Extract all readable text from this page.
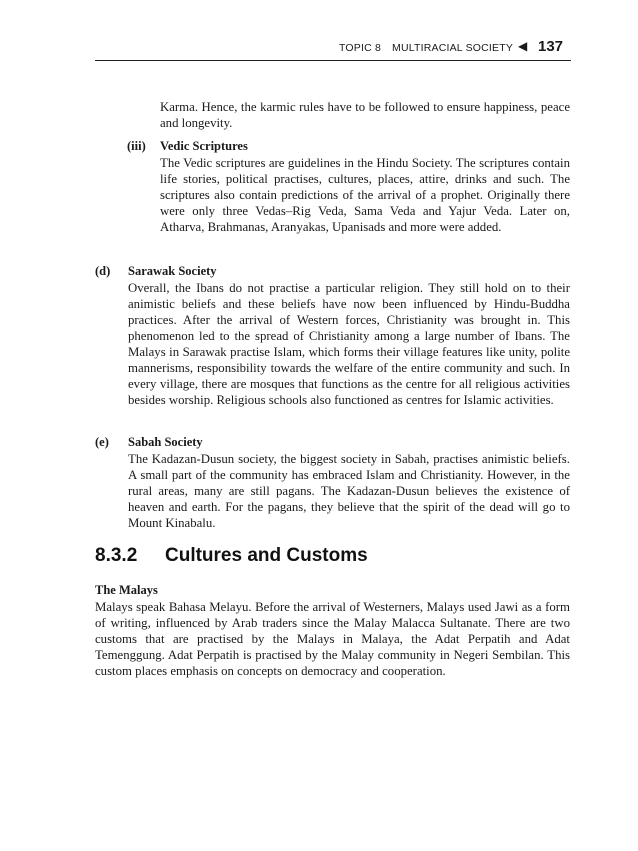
TOPIC 8 MULTIRACIAL SOCIETY
◀ 137
Karma. Hence, the karmic rules have to be followed to ensure happiness, peace and longevity.
(iii) Vedic Scriptures
The Vedic scriptures are guidelines in the Hindu Society. The scriptures contain life stories, political practises, cultures, places, attire, drinks and such. The scriptures also contain predictions of the arrival of a prophet. Originally there were only three Vedas–Rig Veda, Sama Veda and Yajur Veda. Later on, Atharva, Brahmanas, Aranyakas, Upanisads and more were added.
(d) Sarawak Society
Overall, the Ibans do not practise a particular religion. They still hold on to their animistic beliefs and these beliefs have now been influenced by Hindu-Buddha practices. After the arrival of Western forces, Christianity was brought in. This phenomenon led to the spread of Christianity among a large number of Ibans. The Malays in Sarawak practise Islam, which forms their village features like unity, polite mannerisms, responsibility towards the welfare of the entire community and such. In every village, there are mosques that functions as the centre for all religious activities besides worship. Religious schools also functioned as centres for Islamic activities.
(e) Sabah Society
The Kadazan-Dusun society, the biggest society in Sabah, practises animistic beliefs. A small part of the community has embraced Islam and Christianity. However, in the rural areas, many are still pagans. The Kadazan-Dusun believes the existence of heaven and earth. For the pagans, they believe that the spirit of the dead will go to Mount Kinabalu.
8.3.2 Cultures and Customs
The Malays
Malays speak Bahasa Melayu. Before the arrival of Westerners, Malays used Jawi as a form of writing, influenced by Arab traders since the Malay Malacca Sultanate. There are two customs that are practised by the Malays in Malaya, the Adat Perpatih and Adat Temenggung. Adat Perpatih is practised by the Malay community in Negeri Sembilan. This custom places emphasis on concepts on democracy and cooperation.
